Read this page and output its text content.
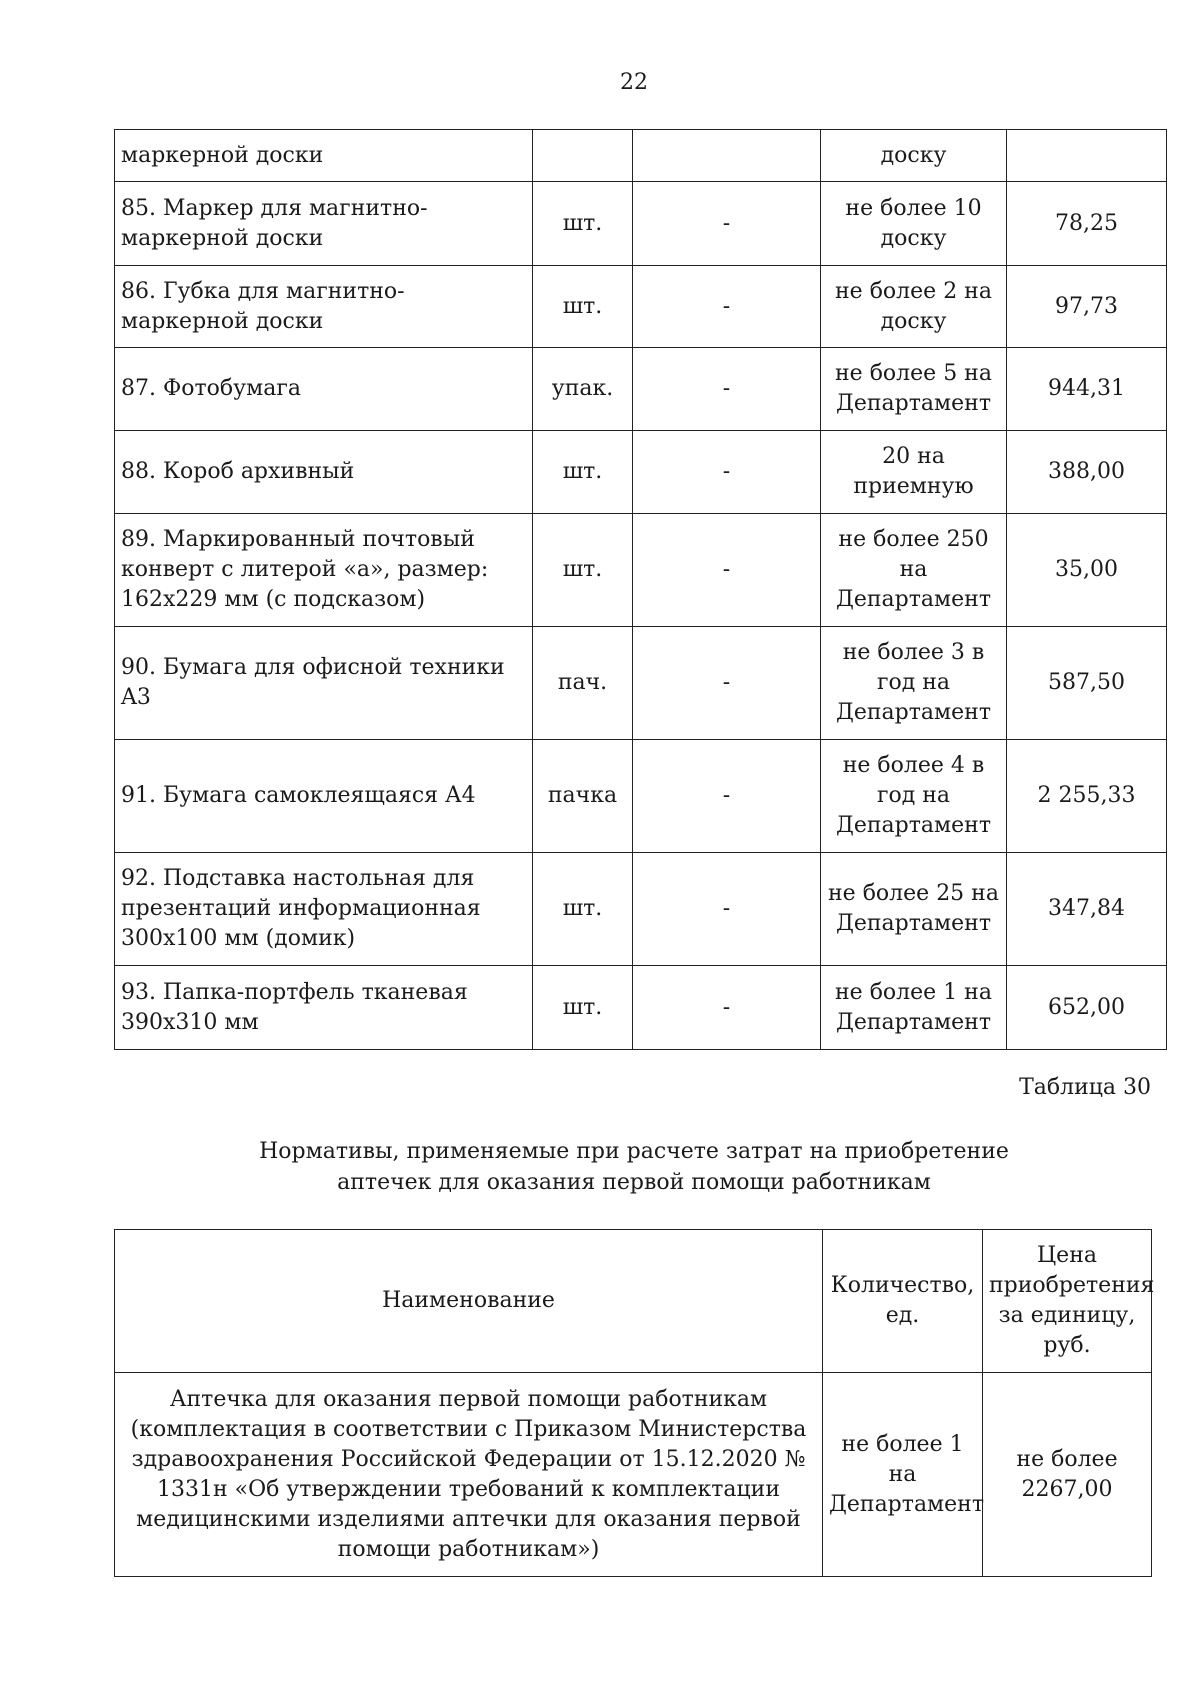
22
маркерной доски			доску	
85. Маркер для магнитно-маркерной доски	шт.	-	не более 10 доску	78,25
86. Губка для магнитно-маркерной доски	шт.	-	не более 2 на доску	97,73
87. Фотобумага	упак.	-	не более 5 на Департамент	944,31
88. Короб архивный	шт.	-	20 на приемную	388,00
89. Маркированный почтовый конверт с литерой «а», размер: 162x229 мм (с подсказом)	шт.	-	не более 250 на Департамент	35,00
90. Бумага для офисной техники A3	пач.	-	не более 3 в год на Департамент	587,50
91. Бумага самоклеящаяся А4	пачка	-	не более 4 в год на Департамент	2 255,33
92. Подставка настольная для презентаций информационная 300x100 мм (домик)	шт.	-	не более 25 на Департамент	347,84
93. Папка-портфель тканевая 390x310 мм	шт.	-	не более 1 на Департамент	652,00
Таблица 30
Нормативы, применяемые при расчете затрат на приобретение
аптечек для оказания первой помощи работникам
Наименование	Количество, ед.	Цена приобретения за единицу, руб.
Аптечка для оказания первой помощи работникам (комплектация в соответствии с Приказом Министерства здравоохранения Российской Федерации от 15.12.2020 № 1331н «Об утверждении требований к комплектации медицинскими изделиями аптечки для оказания первой помощи работникам»)	не более 1 на Департамент	не более 2267,00
